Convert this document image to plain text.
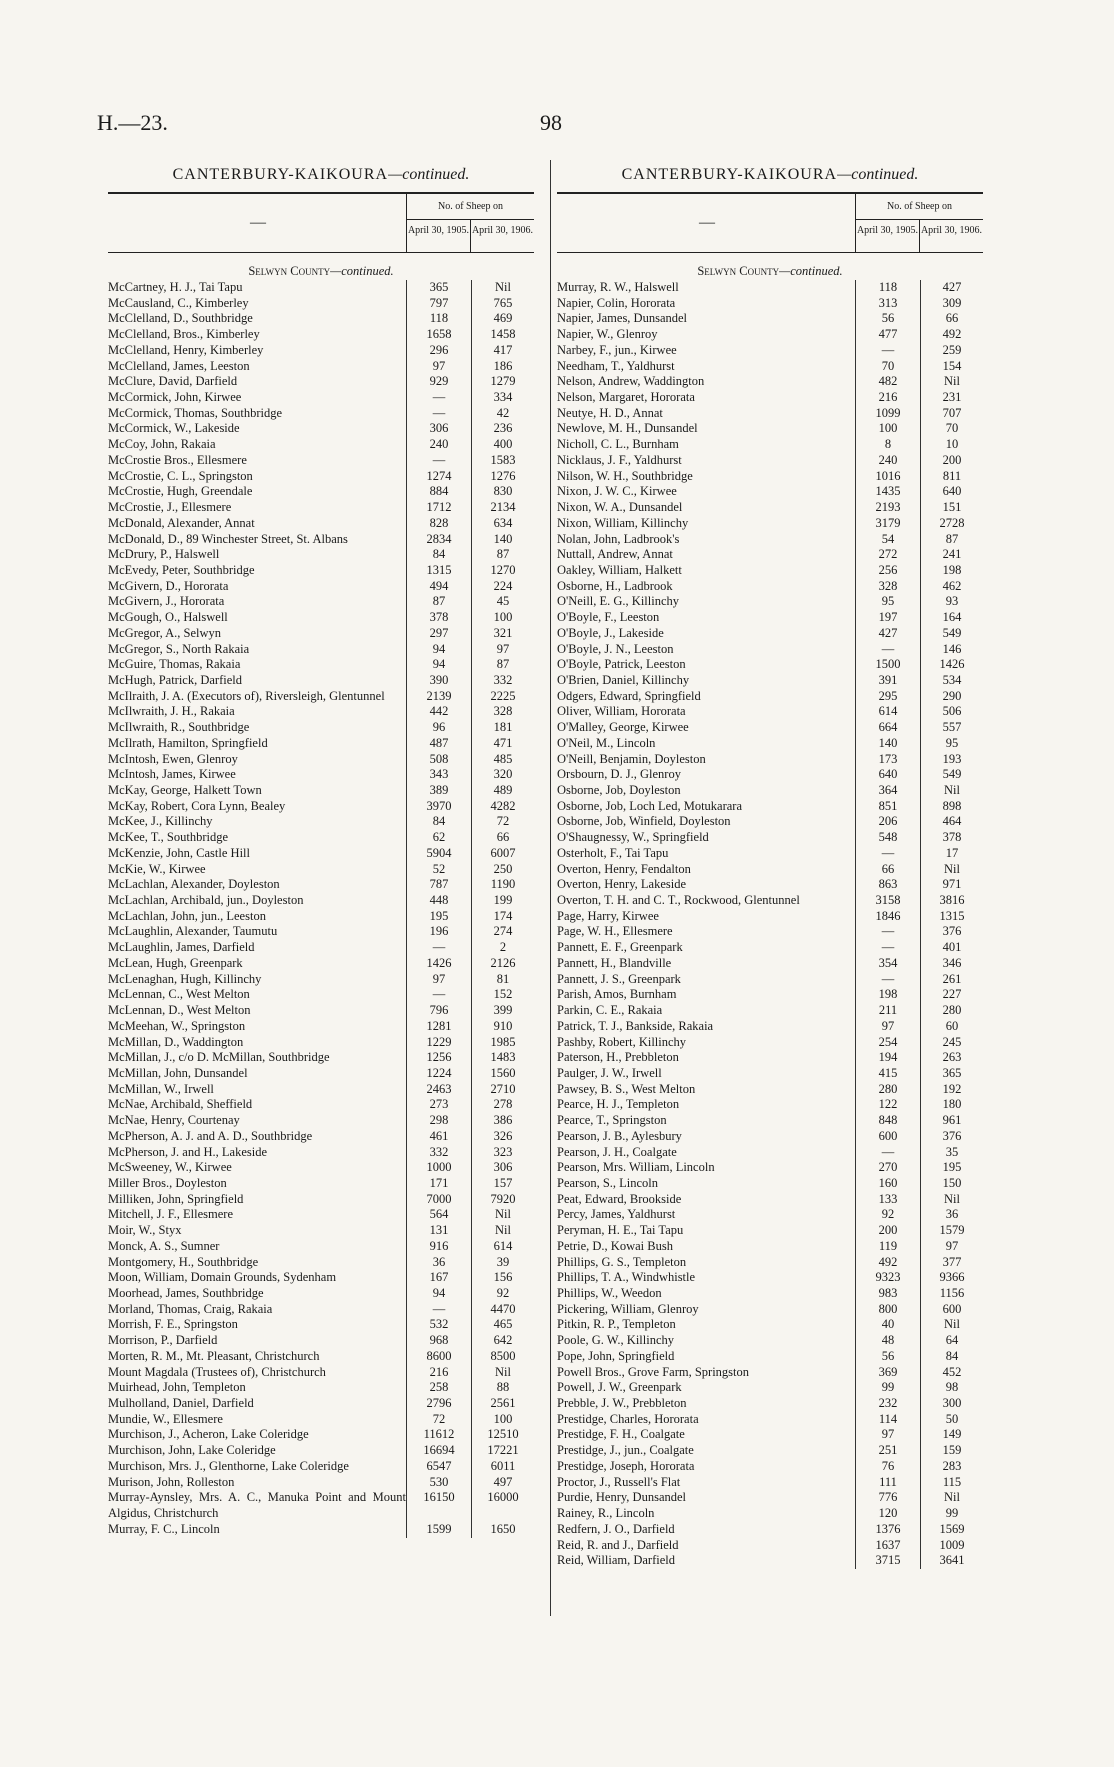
H.—23.	98
CANTERBURY-KAIKOURA—continued.
—
No. of Sheep on
April 30, 1905. April 30, 1906.
Selwyn County—continued.
McCartney, H. J., Tai Tapu	365	Nil
McCausland, C., Kimberley	797	765
McClelland, D., Southbridge	118	469
McClelland, Bros., Kimberley	1658	1458
McClelland, Henry, Kimberley	296	417
McClelland, James, Leeston	97	186
McClure, David, Darfield	929	1279
McCormick, John, Kirwee	—	334
McCormick, Thomas, Southbridge	—	42
McCormick, W., Lakeside	306	236
McCoy, John, Rakaia	240	400
McCrostie Bros., Ellesmere	—	1583
McCrostie, C. L., Springston	1274	1276
McCrostie, Hugh, Greendale	884	830
McCrostie, J., Ellesmere	1712	2134
McDonald, Alexander, Annat	828	634
McDonald, D., 89 Winchester Street, St. Albans	2834	140
McDrury, P., Halswell	84	87
McEvedy, Peter, Southbridge	1315	1270
McGivern, D., Hororata	494	224
McGivern, J., Hororata	87	45
McGough, O., Halswell	378	100
McGregor, A., Selwyn	297	321
McGregor, S., North Rakaia	94	97
McGuire, Thomas, Rakaia	94	87
McHugh, Patrick, Darfield	390	332
McIlraith, J. A. (Executors of), Riversleigh, Glentunnel	2139	2225
McIlwraith, J. H., Rakaia	442	328
McIlwraith, R., Southbridge	96	181
McIlrath, Hamilton, Springfield	487	471
McIntosh, Ewen, Glenroy	508	485
McIntosh, James, Kirwee	343	320
McKay, George, Halkett Town	389	489
McKay, Robert, Cora Lynn, Bealey	3970	4282
McKee, J., Killinchy	84	72
McKee, T., Southbridge	62	66
McKenzie, John, Castle Hill	5904	6007
McKie, W., Kirwee	52	250
McLachlan, Alexander, Doyleston	787	1190
McLachlan, Archibald, jun., Doyleston	448	199
McLachlan, John, jun., Leeston	195	174
McLaughlin, Alexander, Taumutu	196	274
McLaughlin, James, Darfield	—	2
McLean, Hugh, Greenpark	1426	2126
McLenaghan, Hugh, Killinchy	97	81
McLennan, C., West Melton	—	152
McLennan, D., West Melton	796	399
McMeehan, W., Springston	1281	910
McMillan, D., Waddington	1229	1985
McMillan, J., c/o D. McMillan, Southbridge	1256	1483
McMillan, John, Dunsandel	1224	1560
McMillan, W., Irwell	2463	2710
McNae, Archibald, Sheffield	273	278
McNae, Henry, Courtenay	298	386
McPherson, A. J. and A. D., Southbridge	461	326
McPherson, J. and H., Lakeside	332	323
McSweeney, W., Kirwee	1000	306
Miller Bros., Doyleston	171	157
Milliken, John, Springfield	7000	7920
Mitchell, J. F., Ellesmere	564	Nil
Moir, W., Styx	131	Nil
Monck, A. S., Sumner	916	614
Montgomery, H., Southbridge	36	39
Moon, William, Domain Grounds, Sydenham	167	156
Moorhead, James, Southbridge	94	92
Morland, Thomas, Craig, Rakaia	—	4470
Morrish, F. E., Springston	532	465
Morrison, P., Darfield	968	642
Morten, R. M., Mt. Pleasant, Christchurch	8600	8500
Mount Magdala (Trustees of), Christchurch	216	Nil
Muirhead, John, Templeton	258	88
Mulholland, Daniel, Darfield	2796	2561
Mundie, W., Ellesmere	72	100
Murchison, J., Acheron, Lake Coleridge	11612	12510
Murchison, John, Lake Coleridge	16694	17221
Murchison, Mrs. J., Glenthorne, Lake Coleridge	6547	6011
Murison, John, Rolleston	530	497
Murray-Aynsley, Mrs. A. C., Manuka Point and Mount Algidus, Christchurch
16150	16000
Murray, F. C., Lincoln	1599	1650
CANTERBURY-KAIKOURA—continued.
—
No. of Sheep on
April 30, 1905. April 30, 1906.
Selwyn County—continued.
Murray, R. W., Halswell	118	427
Napier, Colin, Hororata	313	309
Napier, James, Dunsandel	56	66
Napier, W., Glenroy	477	492
Narbey, F., jun., Kirwee	—	259
Needham, T., Yaldhurst	70	154
Nelson, Andrew, Waddington	482	Nil
Nelson, Margaret, Hororata	216	231
Neutye, H. D., Annat	1099	707
Newlove, M. H., Dunsandel	100	70
Nicholl, C. L., Burnham	8	10
Nicklaus, J. F., Yaldhurst	240	200
Nilson, W. H., Southbridge	1016	811
Nixon, J. W. C., Kirwee	1435	640
Nixon, W. A., Dunsandel	2193	151
Nixon, William, Killinchy	3179	2728
Nolan, John, Ladbrook's	54	87
Nuttall, Andrew, Annat	272	241
Oakley, William, Halkett	256	198
Osborne, H., Ladbrook	328	462
O'Neill, E. G., Killinchy	95	93
O'Boyle, F., Leeston	197	164
O'Boyle, J., Lakeside	427	549
O'Boyle, J. N., Leeston	—	146
O'Boyle, Patrick, Leeston	1500	1426
O'Brien, Daniel, Killinchy	391	534
Odgers, Edward, Springfield	295	290
Oliver, William, Hororata	614	506
O'Malley, George, Kirwee	664	557
O'Neil, M., Lincoln	140	95
O'Neill, Benjamin, Doyleston	173	193
Orsbourn, D. J., Glenroy	640	549
Osborne, Job, Doyleston	364	Nil
Osborne, Job, Loch Led, Motukarara	851	898
Osborne, Job, Winfield, Doyleston	206	464
O'Shaugnessy, W., Springfield	548	378
Osterholt, F., Tai Tapu	—	17
Overton, Henry, Fendalton	66	Nil
Overton, Henry, Lakeside	863	971
Overton, T. H. and C. T., Rockwood, Glentunnel	3158	3816
Page, Harry, Kirwee	1846	1315
Page, W. H., Ellesmere	—	376
Pannett, E. F., Greenpark	—	401
Pannett, H., Blandville	354	346
Pannett, J. S., Greenpark	—	261
Parish, Amos, Burnham	198	227
Parkin, C. E., Rakaia	211	280
Patrick, T. J., Bankside, Rakaia	97	60
Pashby, Robert, Killinchy	254	245
Paterson, H., Prebbleton	194	263
Paulger, J. W., Irwell	415	365
Pawsey, B. S., West Melton	280	192
Pearce, H. J., Templeton	122	180
Pearce, T., Springston	848	961
Pearson, J. B., Aylesbury	600	376
Pearson, J. H., Coalgate	—	35
Pearson, Mrs. William, Lincoln	270	195
Pearson, S., Lincoln	160	150
Peat, Edward, Brookside	133	Nil
Percy, James, Yaldhurst	92	36
Peryman, H. E., Tai Tapu	200	1579
Petrie, D., Kowai Bush	119	97
Phillips, G. S., Templeton	492	377
Phillips, T. A., Windwhistle	9323	9366
Phillips, W., Weedon	983	1156
Pickering, William, Glenroy	800	600
Pitkin, R. P., Templeton	40	Nil
Poole, G. W., Killinchy	48	64
Pope, John, Springfield	56	84
Powell Bros., Grove Farm, Springston	369	452
Powell, J. W., Greenpark	99	98
Prebble, J. W., Prebbleton	232	300
Prestidge, Charles, Hororata	114	50
Prestidge, F. H., Coalgate	97	149
Prestidge, J., jun., Coalgate	251	159
Prestidge, Joseph, Hororata	76	283
Proctor, J., Russell's Flat	111	115
Purdie, Henry, Dunsandel	776	Nil
Rainey, R., Lincoln	120	99
Redfern, J. O., Darfield	1376	1569
Reid, R. and J., Darfield	1637	1009
Reid, William, Darfield	3715	3641
